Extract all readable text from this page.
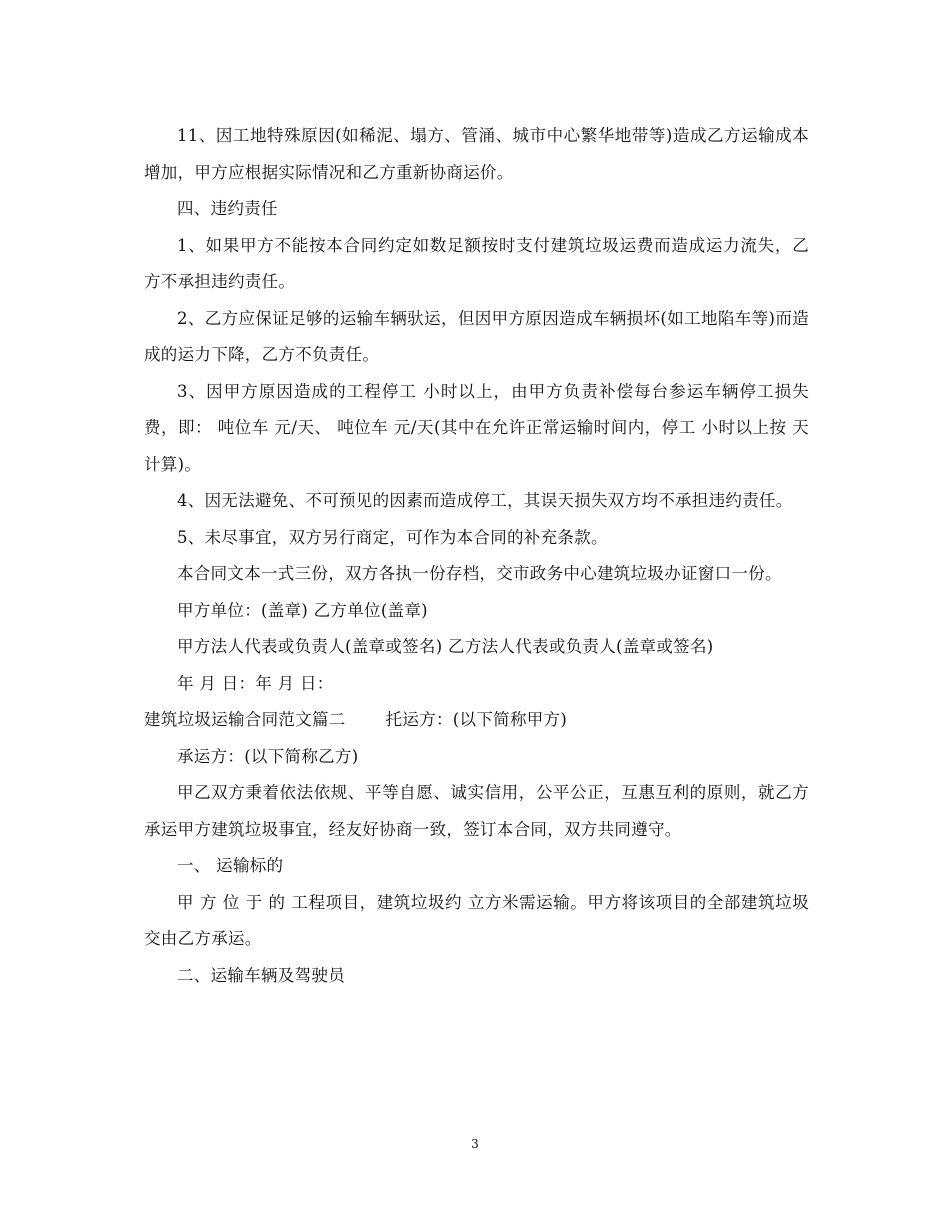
11、因工地特殊原因(如稀泥、塌方、管涌、城市中心繁华地带等)造成乙方运输成本增加，甲方应根据实际情况和乙方重新协商运价。

四、违约责任

1、如果甲方不能按本合同约定如数足额按时支付建筑垃圾运费而造成运力流失，乙方不承担违约责任。

2、乙方应保证足够的运输车辆驮运，但因甲方原因造成车辆损坏(如工地陷车等)而造成的运力下降，乙方不负责任。

3、因甲方原因造成的工程停工 小时以上，由甲方负责补偿每台参运车辆停工损失费，即： 吨位车 元/天、 吨位车 元/天(其中在允许正常运输时间内，停工 小时以上按 天计算)。

4、因无法避免、不可预见的因素而造成停工，其误天损失双方均不承担违约责任。

5、未尽事宜，双方另行商定，可作为本合同的补充条款。

本合同文本一式三份，双方各执一份存档，交市政务中心建筑垃圾办证窗口一份。

甲方单位：(盖章) 乙方单位(盖章)

甲方法人代表或负责人(盖章或签名) 乙方法人代表或负责人(盖章或签名)

年 月 日：年 月 日：

建筑垃圾运输合同范文篇二 托运方：(以下简称甲方)

承运方：(以下简称乙方)

甲乙双方秉着依法依规、平等自愿、诚实信用，公平公正，互惠互利的原则，就乙方承运甲方建筑垃圾事宜，经友好协商一致，签订本合同，双方共同遵守。

一、 运输标的

甲 方 位 于 的 工程项目，建筑垃圾约 立方米需运输。甲方将该项目的全部建筑垃圾交由乙方承运。

二、运输车辆及驾驶员

3
